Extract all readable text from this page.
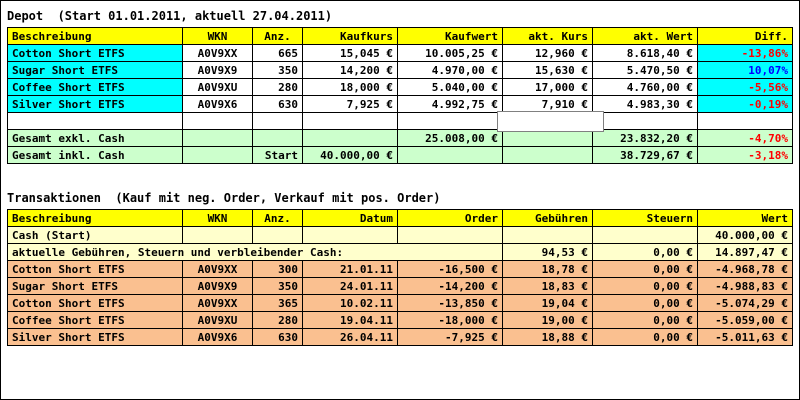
Depot  (Start 01.01.2011, aktuell 27.04.2011)
Beschreibung	WKN	Anz.	Kaufkurs	Kaufwert	akt. Kurs	akt. Wert	Diff.
Cotton Short ETFS	A0V9XX	665	15,045 €	10.005,25 €	12,960 €	8.618,40 €	-13,86%
Sugar Short ETFS	A0V9X9	350	14,200 €	4.970,00 €	15,630 €	5.470,50 €	10,07%
Coffee Short ETFS	A0V9XU	280	18,000 €	5.040,00 €	17,000 €	4.760,00 €	-5,56%
Silver Short ETFS	A0V9X6	630	7,925 €	4.992,75 €	7,910 €	4.983,30 €	-0,19%

Gesamt exkl. Cash				25.008,00 €		23.832,20 €	-4,70%
Gesamt inkl. Cash		Start	40.000,00 €			38.729,67 €	-3,18%
Transaktionen  (Kauf mit neg. Order, Verkauf mit pos. Order)
Beschreibung	WKN	Anz.	Datum	Order	Gebühren	Steuern	Wert
Cash (Start)							40.000,00 €
aktuelle Gebühren, Steuern und verbleibender Cash:					94,53 €	0,00 €	14.897,47 €
Cotton Short ETFS	A0V9XX	300	21.01.11	-16,500 €	18,78 €	0,00 €	-4.968,78 €
Sugar Short ETFS	A0V9X9	350	24.01.11	-14,200 €	18,83 €	0,00 €	-4.988,83 €
Cotton Short ETFS	A0V9XX	365	10.02.11	-13,850 €	19,04 €	0,00 €	-5.074,29 €
Coffee Short ETFS	A0V9XU	280	19.04.11	-18,000 €	19,00 €	0,00 €	-5.059,00 €
Silver Short ETFS	A0V9X6	630	26.04.11	-7,925 €	18,88 €	0,00 €	-5.011,63 €
